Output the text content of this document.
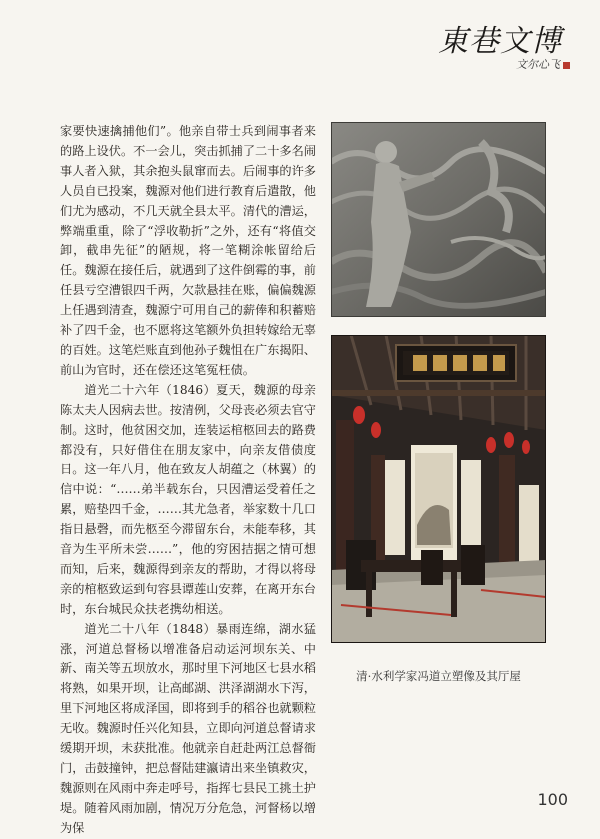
東巷文博
文尔心飞

家要快速擒捕他们”。他亲自带士兵到闹事者来的路上设伏。不一会儿，突击抓捕了二十多名闹事人者入狱，其余抱头鼠窜而去。后闹事的许多人员自已投案，魏源对他们进行教育后遣散，他们尤为感动，不几天就全县太平。清代的漕运，弊端重重，除了“浮收勒折”之外，还有“将值交卸，截串先征”的陋规，将一笔糊涂帐留给后任。魏源在接任后，就遇到了这件倒霉的事，前任县亏空漕银四千两，欠款悬挂在账，偏偏魏源上任遇到清查，魏源宁可用自己的薪俸和积蓄赔补了四千金，也不愿将这笔额外负担转嫁给无辜的百姓。这笔烂账直到他孙子魏怚在广东揭阳、前山为官时，还在偿还这笔冤枉债。

道光二十六年（1846）夏天，魏源的母亲陈太夫人因病去世。按清例，父母丧必须去官守制。这时，他贫困交加，连装运棺柩回去的路费都没有，只好借住在朋友家中，向亲友借债度日。这一年八月，他在致友人胡蕴之（林翼）的信中说：“……弟半载东台，只因漕运受着任之累，赔垫四千金，……其尤急者，举家数十几口指日悬磬，而先柩至今滞留东台，未能奉移，其音为生平所未尝……”，他的穷困拮据之情可想而知，后来，魏源得到亲友的帮助，才得以将母亲的棺柩致运到句容县谭莲山安葬，在离开东台时，东台城民众扶老携幼相送。

道光二十八年（1848）暴雨连绵，湖水猛涨，河道总督杨以增准备启动运河坝东关、中新、南关等五坝放水，那时里下河地区七县水稻将熟，如果开坝，让高邮湖、洪泽湖湖水下泻，里下河地区将成泽国，即将到手的稻谷也就颗粒无收。魏源时任兴化知县，立即向河道总督请求缓期开坝，未获批准。他就亲自赶赴两江总督衙门，击鼓撞钟，把总督陆建瀛请出来坐镇救灾，魏源则在风雨中奔走呼号，指挥七县民工挑土护堤。随着风雨加剧，情况万分危急，河督杨以增为保

清·水利学家冯道立塑像及其厅屋
100
